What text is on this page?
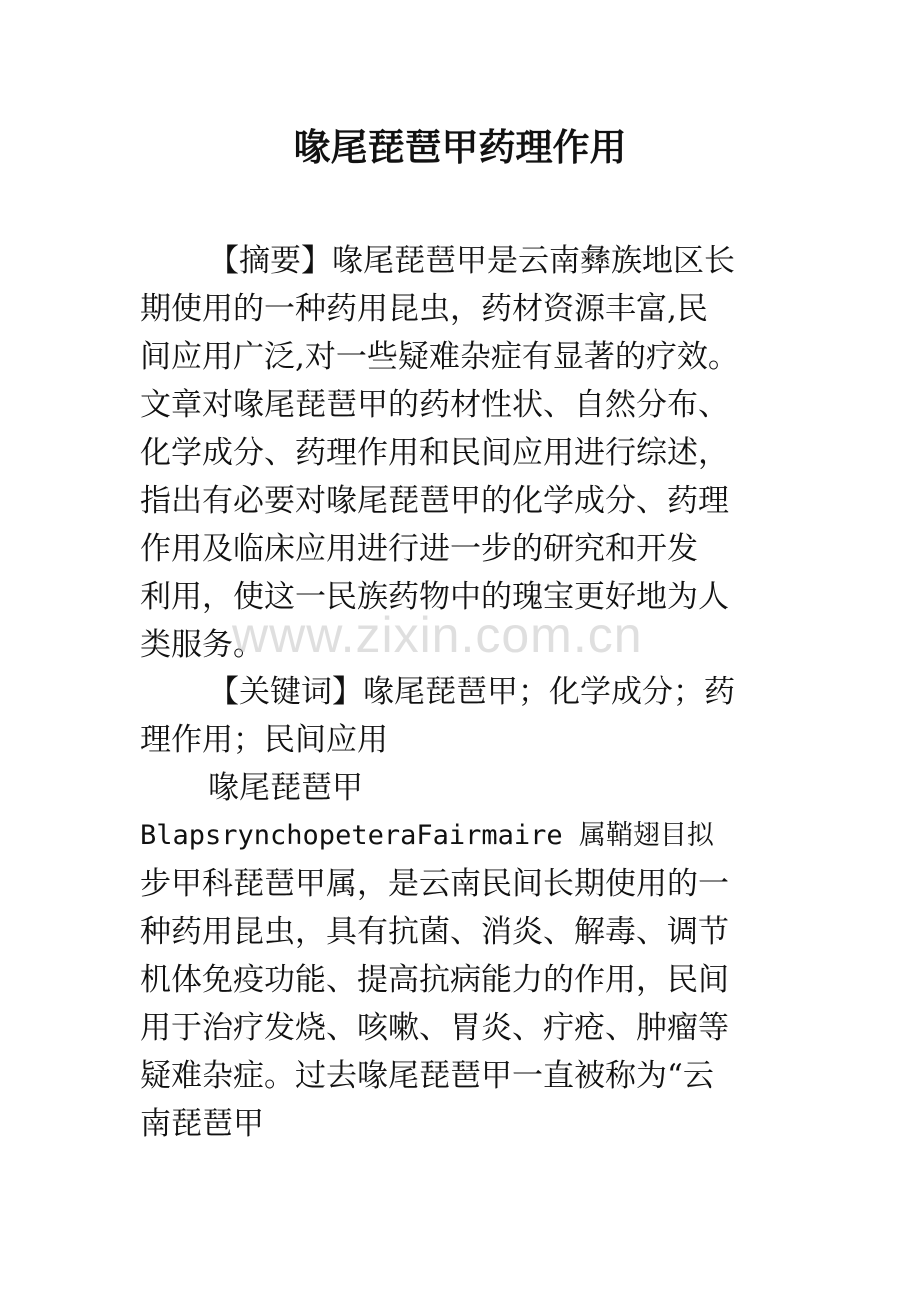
喙尾琵琶甲药理作用
【摘要】喙尾琵琶甲是云南彝族地区长
期使用的一种药用昆虫，药材资源丰富,民
间应用广泛,对一些疑难杂症有显著的疗效。
文章对喙尾琵琶甲的药材性状、自然分布、
化学成分、药理作用和民间应用进行综述，
指出有必要对喙尾琵琶甲的化学成分、药理
作用及临床应用进行进一步的研究和开发
利用，使这一民族药物中的瑰宝更好地为人
类服务。
【关键词】喙尾琵琶甲；化学成分；药
理作用；民间应用
喙尾琵琶甲
BlapsrynchopeteraFairmaire 属鞘翅目拟
步甲科琵琶甲属，是云南民间长期使用的一
种药用昆虫，具有抗菌、消炎、解毒、调节
机体免疫功能、提高抗病能力的作用，民间
用于治疗发烧、咳嗽、胃炎、疔疮、肿瘤等
疑难杂症。过去喙尾琵琶甲一直被称为“云
南琵琶甲
www.zixin.com.cn
